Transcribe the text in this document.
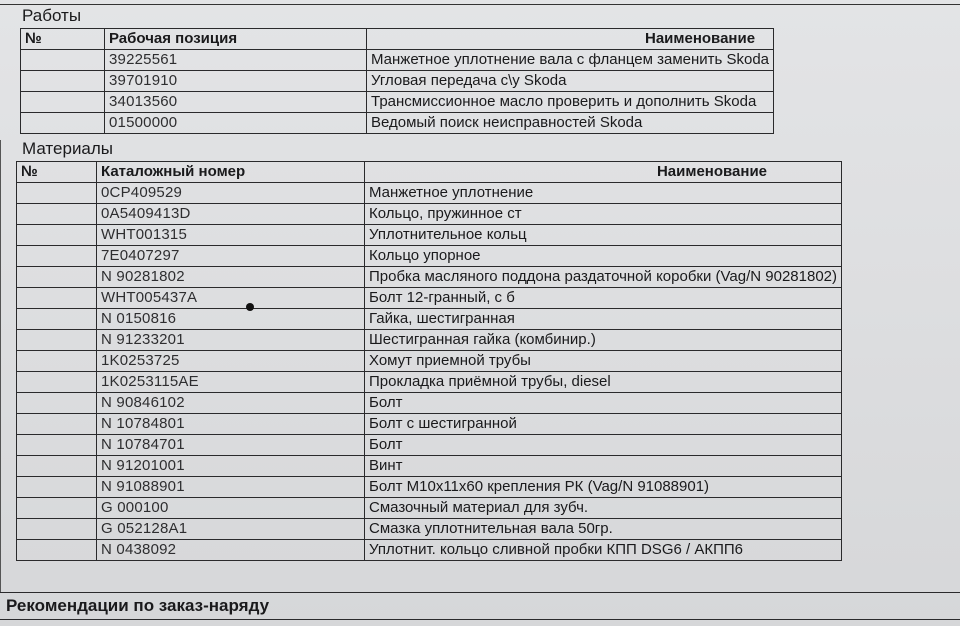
Работы
№	Рабочая позиция	Наименование
	39225561	Манжетное уплотнение вала с фланцем заменить Skoda
	39701910	Угловая передача с\у Skoda
	34013560	Трансмиссионное масло проверить и дополнить Skoda
	01500000	Ведомый поиск неисправностей Skoda
Материалы
№	Каталожный номер	Наименование
	0CP409529	Манжетное уплотнение
	0A5409413D	Кольцо, пружинное ст
	WHT001315	Уплотнительное кольц
	7E0407297	Кольцо упорное
	N 90281802	Пробка масляного поддона раздаточной коробки (Vag/N 90281802)
	WHT005437A	Болт 12-гранный, с б
	N 0150816	Гайка, шестигранная
	N 91233201	Шестигранная гайка (комбинир.)
	1K0253725	Хомут приемной трубы
	1K0253115AE	Прокладка приёмной трубы, diesel
	N 90846102	Болт
	N 10784801	Болт с шестигранной
	N 10784701	Болт
	N 91201001	Винт
	N 91088901	Болт М10х11х60 крепления РК (Vag/N 91088901)
	G 000100	Смазочный материал для зубч.
	G 052128A1	Смазка уплотнительная вала 50гр.
	N 0438092	Уплотнит. кольцо сливной пробки КПП DSG6 / АКПП6
Рекомендации по заказ-наряду
